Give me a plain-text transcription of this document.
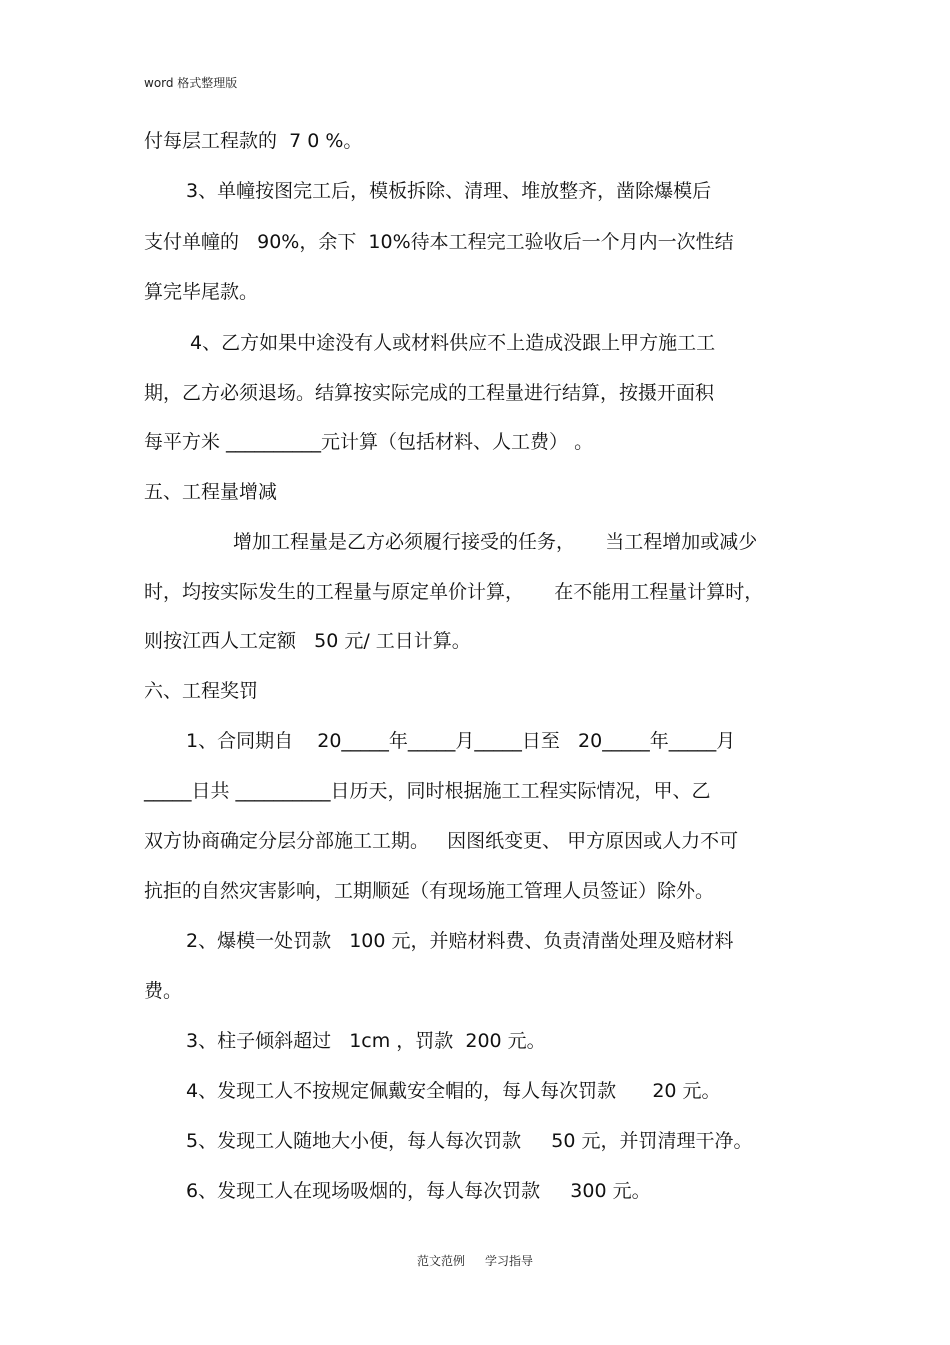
word 格式整理版
付每层工程款的  7 0 %。
3、单幢按图完工后，模板拆除、清理、堆放整齐，凿除爆模后
支付单幢的   90%，余下  10%待本工程完工验收后一个月内一次性结
算完毕尾款。
4、乙方如果中途没有人或材料供应不上造成没跟上甲方施工工
期，乙方必须退场。结算按实际完成的工程量进行结算，按摄开面积
每平方米 __________元计算（包括材料、人工费） 。
五、工程量增减
增加工程量是乙方必须履行接受的任务，     当工程增加或减少
时，均按实际发生的工程量与原定单价计算，     在不能用工程量计算时，
则按江西人工定额   50 元/ 工日计算。
六、工程奖罚
1、合同期自    20_____年_____月_____日至   20_____年_____月
_____日共 __________日历天，同时根据施工工程实际情况，甲、乙
双方协商确定分层分部施工工期。   因图纸变更、 甲方原因或人力不可
抗拒的自然灾害影响，工期顺延（有现场施工管理人员签证）除外。
2、爆模一处罚款   100 元，并赔材料费、负责清凿处理及赔材料
费。
3、柱子倾斜超过   1cm ，罚款  200 元。
4、发现工人不按规定佩戴安全帽的，每人每次罚款      20 元。
5、发现工人随地大小便，每人每次罚款     50 元，并罚清理干净。
6、发现工人在现场吸烟的，每人每次罚款     300 元。
范文范例 学习指导
